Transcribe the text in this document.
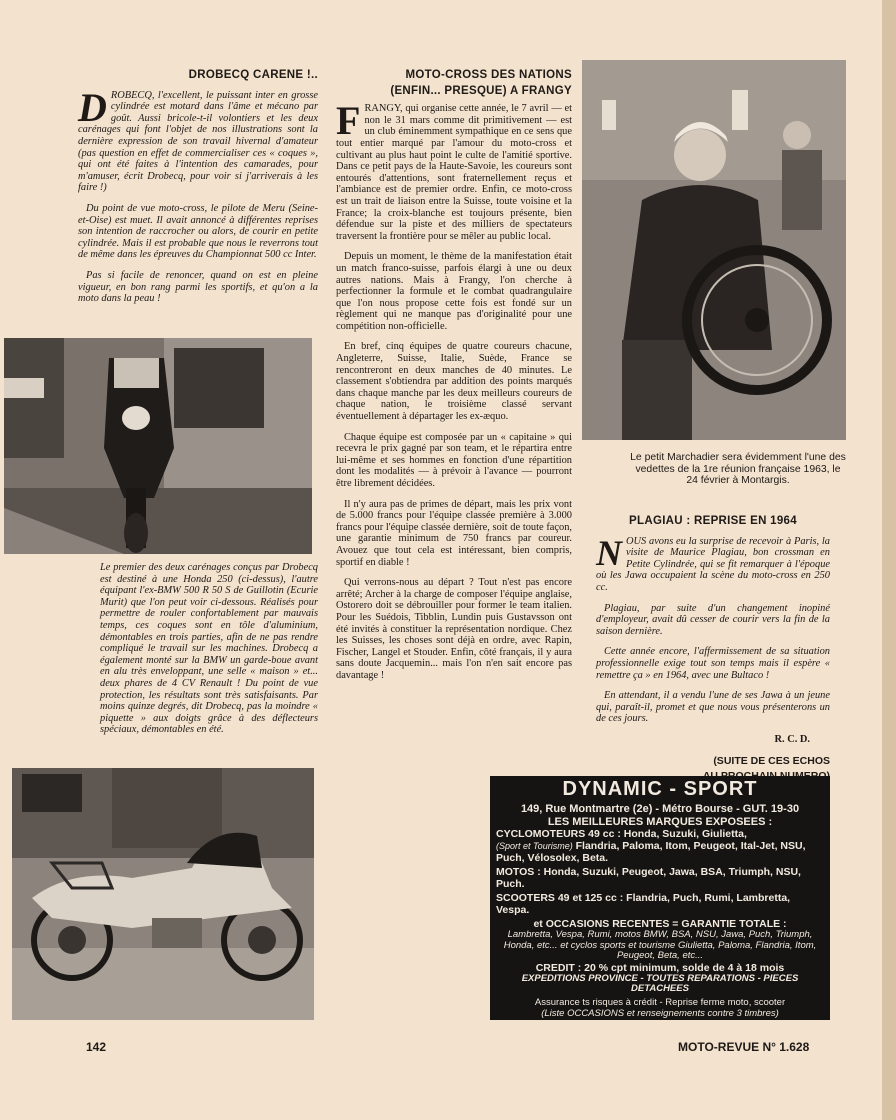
DROBECQ CARENE !..

DROBECQ, l'excellent, le puissant inter en grosse cylindrée est motard dans l'âme et mécano par goût. Aussi bricole-t-il volontiers et les deux carénages qui font l'objet de nos illustrations sont la dernière expression de son travail hivernal d'amateur (pas question en effet de commercialiser ces « coques », qui ont été faites à l'intention des camarades, pour m'amuser, écrit Drobecq, pour voir si j'arriverais à les faire !)

Du point de vue moto-cross, le pilote de Meru (Seine-et-Oise) est muet. Il avait annoncé à différentes reprises son intention de raccrocher ou alors, de courir en petite cylindrée. Mais il est probable que nous le reverrons tout de même dans les épreuves du Championnat 500 cc Inter.

Pas si facile de renoncer, quand on est en pleine vigueur, en bon rang parmi les sportifs, et qu'on a la moto dans la peau !

Le premier des deux carénages conçus par Drobecq est destiné à une Honda 250 (ci-dessus), l'autre équipant l'ex-BMW 500 R 50 S de Guillotin (Ecurie Murit) que l'on peut voir ci-dessous. Réalisés pour permettre de rouler confortablement par mauvais temps, ces coques sont en tôle d'aluminium, démontables en trois parties, afin de ne pas rendre compliqué le travail sur les machines. Drobecq a également monté sur la BMW un garde-boue avant en alu très enveloppant, une selle « maison » et... deux phares de 4 CV Renault ! Du point de vue protection, les résultats sont très satisfaisants. Par moins quinze degrés, dit Drobecq, pas la moindre « piquette » aux doigts grâce à des déflecteurs spéciaux, démontables en été.

MOTO-CROSS DES NATIONS
(ENFIN... PRESQUE) A FRANGY

FRANGY, qui organise cette année, le 7 avril — et non le 31 mars comme dit primitivement — est un club éminemment sympathique en ce sens que tout entier marqué par l'amour du moto-cross et cultivant au plus haut point le culte de l'amitié sportive. Dans ce petit pays de la Haute-Savoie, les coureurs sont entourés d'attentions, sont fraternellement reçus et l'ambiance est de premier ordre. Enfin, ce moto-cross est un trait de liaison entre la Suisse, toute voisine et la France; la croix-blanche est toujours présente, bien défendue sur la piste et des milliers de spectateurs traversent la frontière pour se mêler au public local.

Depuis un moment, le thème de la manifestation était un match franco-suisse, parfois élargi à une ou deux autres nations. Mais à Frangy, l'on cherche à perfectionner la formule et le combat quadrangulaire que l'on nous propose cette fois est fondé sur un règlement qui ne manque pas d'originalité pour une compétition non-officielle.

En bref, cinq équipes de quatre coureurs chacune, Angleterre, Suisse, Italie, Suède, France se rencontreront en deux manches de 40 minutes. Le classement s'obtiendra par addition des points marqués dans chaque manche par les deux meilleurs coureurs de chaque nation, le troisième classé servant éventuellement à départager les ex-æquo.

Chaque équipe est composée par un « capitaine » qui recevra le prix gagné par son team, et le répartira entre lui-même et ses hommes en fonction d'une répartition dont les modalités — à prévoir à l'avance — pourront être librement décidées.

Il n'y aura pas de primes de départ, mais les prix vont de 5.000 francs pour l'équipe classée première à 3.000 francs pour l'équipe classée dernière, soit de toute façon, une garantie minimum de 750 francs par coureur. Avouez que tout cela est intéressant, bien compris, sportif en diable !

Qui verrons-nous au départ ? Tout n'est pas encore arrêté; Archer à la charge de composer l'équipe anglaise, Ostorero doit se débrouiller pour former le team italien. Pour les Suédois, Tibblin, Lundin puis Gustavsson ont été invités à constituer la représentation nordique. Chez les Suisses, les choses sont déjà en ordre, avec Rapin, Fischer, Langel et Stouder. Enfin, côté français, il y aura sans doute Jacquemin... mais l'on n'en sait encore pas davantage !

Le petit Marchadier sera évidemment l'une des vedettes de la 1re réunion française 1963, le 24 février à Montargis.
PLAGIAU : REPRISE EN 1964

NOUS avons eu la surprise de recevoir à Paris, la visite de Maurice Plagiau, bon crossman en Petite Cylindrée, qui se fit remarquer à l'époque où les Jawa occupaient la scène du moto-cross en 250 cc.

Plagiau, par suite d'un changement inopiné d'employeur, avait dû cesser de courir vers la fin de la saison dernière.

Cette année encore, l'affermissement de sa situation professionnelle exige tout son temps mais il espère « remettre ça » en 1964, avec une Bultaco !

En attendant, il a vendu l'une de ses Jawa à un jeune qui, paraît-il, promet et que nous vous présenterons un de ces jours.

R. C. D.
(SUITE DE CES ECHOS
DYNAMIC - SPORT
149, Rue Montmartre (2e) - Métro Bourse - GUT. 19-30
LES MEILLEURES MARQUES EXPOSEES :
CYCLOMOTEURS 49 cc : Honda, Suzuki, Giulietta,
(Sport et Tourisme) Flandria, Paloma, Itom, Peugeot, Ital-Jet, NSU, Puch, Vélosolex, Beta.
MOTOS : Honda, Suzuki, Peugeot, Jawa, BSA, Triumph, NSU, Puch.
SCOOTERS 49 et 125 cc : Flandria, Puch, Rumi, Lambretta, Vespa.
et OCCASIONS RECENTES = GARANTIE TOTALE :
Lambretta, Vespa, Rumi, motos BMW, BSA, NSU, Jawa, Puch, Triumph, Honda, etc... et cyclos sports et tourisme Giulietta, Paloma, Flandria, Itom, Peugeot, Beta, etc...
CREDIT : 20 % cpt minimum, solde de 4 à 18 mois
EXPEDITIONS PROVINCE - TOUTES REPARATIONS - PIECES DETACHEES
Assurance ts risques à crédit - Reprise ferme moto, scooter
(Liste OCCASIONS et renseignements contre 3 timbres)
142	MOTO-REVUE N° 1.628
